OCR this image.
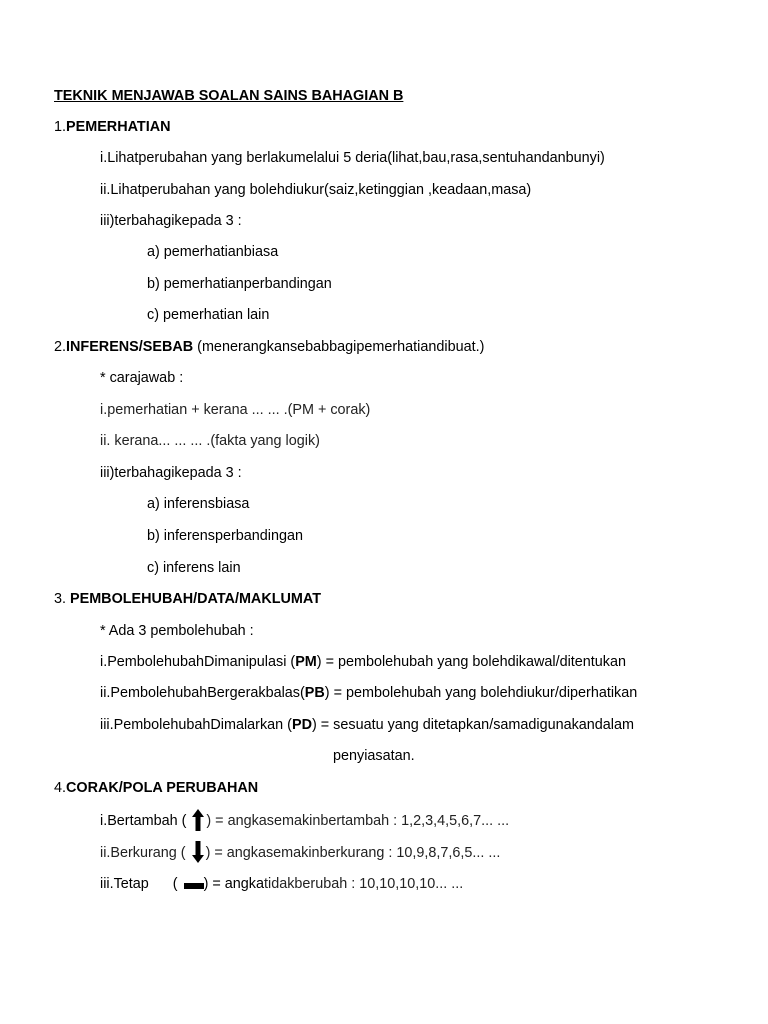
TEKNIK MENJAWAB SOALAN SAINS BAHAGIAN B
1.PEMERHATIAN
i.Lihatperubahan yang berlakumelalui 5 deria(lihat,bau,rasa,sentuhandanbunyi)
ii.Lihatperubahan yang bolehdiukur(saiz,ketinggian ,keadaan,masa)
iii)terbahagikepada 3 :
a) pemerhatianbiasa
b) pemerhatianperbandingan
c) pemerhatian lain
2.INFERENS/SEBAB (menerangkansebabbagipemerhatiandibuat.)
* carajawab :
i.pemerhatian + kerana ... ... .(PM + corak)
ii. kerana... ... ... .(fakta yang logik)
iii)terbahagikepada 3 :
a) inferensbiasa
b) inferensperbandingan
c) inferens lain
3. PEMBOLEHUBAH/DATA/MAKLUMAT
* Ada 3 pembolehubah :
i.PembolehubahDimanipulasi (PM) = pembolehubah yang bolehdikawal/ditentukan
ii.PembolehubahBergerakbalas(PB) = pembolehubah yang bolehdiukur/diperhatikan
iii.PembolehubahDimalarkan (PD) = sesuatu yang ditetapkan/samadigunakandalam
penyiasatan.
4.CORAK/POLA PERUBAHAN
i.Bertambah ( ) = angkasemakinbertambah : 1,2,3,4,5,6,7... ...
ii.Berkurang ( ) = angkasemakinberkurang : 10,9,8,7,6,5... ...
iii.Tetap ( ) = angkatidakberubah : 10,10,10,10... ...
